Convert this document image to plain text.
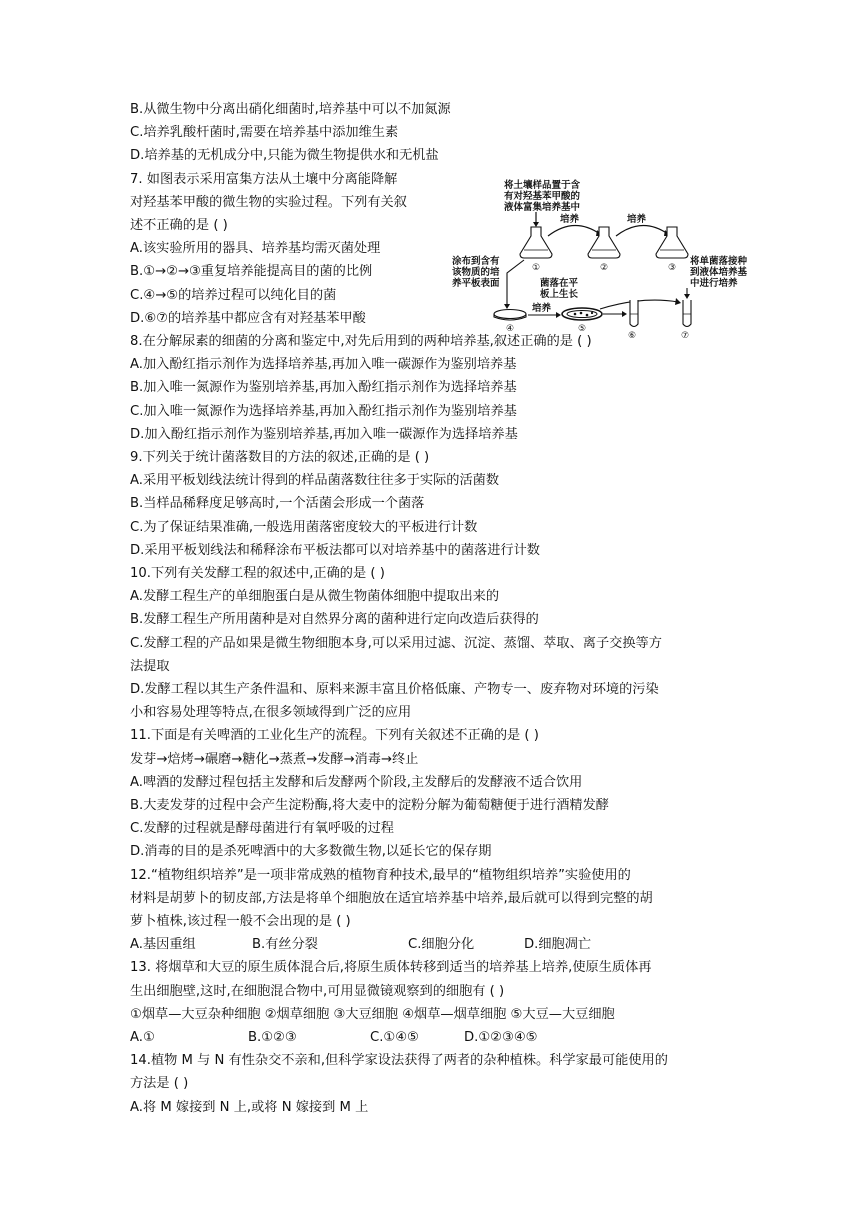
B.从微生物中分离出硝化细菌时,培养基中可以不加氮源
C.培养乳酸杆菌时,需要在培养基中添加维生素
D.培养基的无机成分中,只能为微生物提供水和无机盐
7. 如图表示采用富集方法从土壤中分离能降解
对羟基苯甲酸的微生物的实验过程。下列有关叙
述不正确的是 ( )
A.该实验所用的器具、培养基均需灭菌处理
B.①→②→③重复培养能提高目的菌的比例
C.④→⑤的培养过程可以纯化目的菌
D.⑥⑦的培养基中都应含有对羟基苯甲酸
8.在分解尿素的细菌的分离和鉴定中,对先后用到的两种培养基,叙述正确的是 ( )
A.加入酚红指示剂作为选择培养基,再加入唯一碳源作为鉴别培养基
B.加入唯一氮源作为鉴别培养基,再加入酚红指示剂作为选择培养基
C.加入唯一氮源作为选择培养基,再加入酚红指示剂作为鉴别培养基
D.加入酚红指示剂作为鉴别培养基,再加入唯一碳源作为选择培养基
9.下列关于统计菌落数目的方法的叙述,正确的是 ( )
A.采用平板划线法统计得到的样品菌落数往往多于实际的活菌数
B.当样品稀释度足够高时,一个活菌会形成一个菌落
C.为了保证结果准确,一般选用菌落密度较大的平板进行计数
D.采用平板划线法和稀释涂布平板法都可以对培养基中的菌落进行计数
10.下列有关发酵工程的叙述中,正确的是 ( )
A.发酵工程生产的单细胞蛋白是从微生物菌体细胞中提取出来的
B.发酵工程生产所用菌种是对自然界分离的菌种进行定向改造后获得的
C.发酵工程的产品如果是微生物细胞本身,可以采用过滤、沉淀、蒸馏、萃取、离子交换等方
法提取
D.发酵工程以其生产条件温和、原料来源丰富且价格低廉、产物专一、废弃物对环境的污染
小和容易处理等特点,在很多领域得到广泛的应用
11.下面是有关啤酒的工业化生产的流程。下列有关叙述不正确的是 ( )
发芽→焙烤→碾磨→糖化→蒸煮→发酵→消毒→终止
A.啤酒的发酵过程包括主发酵和后发酵两个阶段,主发酵后的发酵液不适合饮用
B.大麦发芽的过程中会产生淀粉酶,将大麦中的淀粉分解为葡萄糖便于进行酒精发酵
C.发酵的过程就是酵母菌进行有氧呼吸的过程
D.消毒的目的是杀死啤酒中的大多数微生物,以延长它的保存期
12.“植物组织培养”是一项非常成熟的植物育种技术,最早的“植物组织培养”实验使用的
材料是胡萝卜的韧皮部,方法是将单个细胞放在适宜培养基中培养,最后就可以得到完整的胡
萝卜植株,该过程一般不会出现的是 ( )
A.基因重组	B.有丝分裂	C.细胞分化	D.细胞凋亡
13. 将烟草和大豆的原生质体混合后,将原生质体转移到适当的培养基上培养,使原生质体再
生出细胞壁,这时,在细胞混合物中,可用显微镜观察到的细胞有 ( )
①烟草—大豆杂种细胞 ②烟草细胞 ③大豆细胞 ④烟草—烟草细胞 ⑤大豆—大豆细胞
A.①	B.①②③	C.①④⑤	D.①②③④⑤
14.植物 M 与 N 有性杂交不亲和,但科学家设法获得了两者的杂种植株。科学家最可能使用的
方法是 ( )
A.将 M 嫁接到 N 上,或将 N 嫁接到 M 上
将土壤样品置于含
有对羟基苯甲酸的
液体富集培养基中
①
培养
②
培养
③
将单菌落接种
到液体培养基
中进行培养
涂布到含有
该物质的培
养平板表面
④
培养
菌落在平
板上生长
⑤
⑥	⑦
